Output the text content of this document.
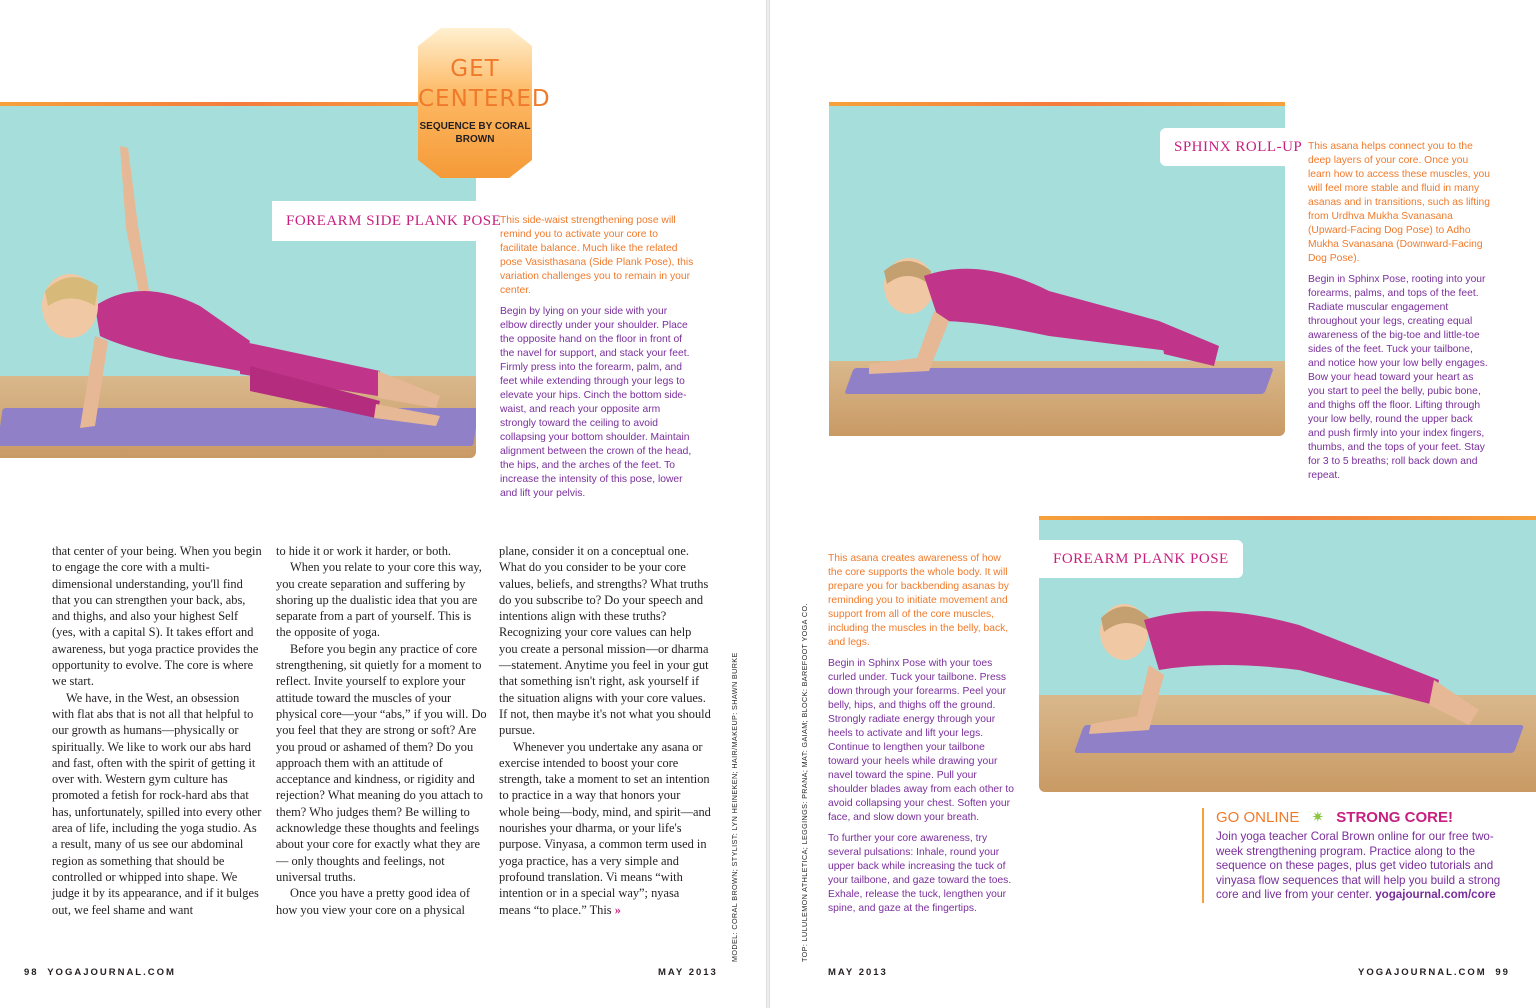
GET
CENTERED
SEQUENCE BY CORAL BROWN
FOREARM SIDE PLANK POSE

This side-waist strengthening pose will remind you to activate your core to facilitate balance. Much like the related pose Vasisthasana (Side Plank Pose), this variation challenges you to remain in your center.

Begin by lying on your side with your elbow directly under your shoulder. Place the opposite hand on the floor in front of the navel for support, and stack your feet. Firmly press into the forearm, palm, and feet while extending through your legs to elevate your hips. Cinch the bottom side-waist, and reach your opposite arm strongly toward the ceiling to avoid collapsing your bottom shoulder. Maintain alignment between the crown of the head, the hips, and the arches of the feet. To increase the intensity of this pose, lower and lift your pelvis.

that center of your being. When you begin to engage the core with a multi-dimensional understanding, you'll find that you can strengthen your back, abs, and thighs, and also your highest Self (yes, with a capital S). It takes effort and awareness, but yoga practice provides the opportunity to evolve. The core is where we start.

We have, in the West, an obsession with flat abs that is not all that helpful to our growth as humans—physically or spiritually. We like to work our abs hard and fast, often with the spirit of getting it over with. Western gym culture has promoted a fetish for rock-hard abs that has, unfortunately, spilled into every other area of life, including the yoga studio. As a result, many of us see our abdominal region as something that should be controlled or whipped into shape. We judge it by its appearance, and if it bulges out, we feel shame and want

to hide it or work it harder, or both.

When you relate to your core this way, you create separation and suffering by shoring up the dualistic idea that you are separate from a part of yourself. This is the opposite of yoga.

Before you begin any practice of core strengthening, sit quietly for a moment to reflect. Invite yourself to explore your attitude toward the muscles of your physical core—your “abs,” if you will. Do you feel that they are strong or soft? Are you proud or ashamed of them? Do you approach them with an attitude of acceptance and kindness, or rigidity and rejection? What meaning do you attach to them? Who judges them? Be willing to acknowledge these thoughts and feelings about your core for exactly what they are— only thoughts and feelings, not universal truths.

Once you have a pretty good idea of how you view your core on a physical

plane, consider it on a conceptual one. What do you consider to be your core values, beliefs, and strengths? What truths do you subscribe to? Do your speech and intentions align with these truths? Recognizing your core values can help you create a personal mission—or dharma—statement. Anytime you feel in your gut that something isn't right, ask yourself if the situation aligns with your core values. If not, then maybe it's not what you should pursue.

Whenever you undertake any asana or exercise intended to boost your core strength, take a moment to set an intention to practice in a way that honors your whole being—body, mind, and spirit—and nourishes your dharma, or your life's purpose. Vinyasa, a common term used in yoga practice, has a very simple and profound translation. Vi means “with intention or in a special way”; nyasa means “to place.” This »	MODEL: CORAL BROWN; STYLIST: LYN HEINEKEN; HAIR/MAKEUP: SHAWN BURKE
98 YOGAJOURNAL.COM	MAY 2013
SPHINX ROLL-UP This asana helps connect you to the deep layers of your core. Once you learn how to access these muscles, you will feel more stable and fluid in many asanas and in transitions, such as lifting from Urdhva Mukha Svanasana (Upward-Facing Dog Pose) to Adho Mukha Svanasana (Downward-Facing Dog Pose).

Begin in Sphinx Pose, rooting into your forearms, palms, and tops of the feet. Radiate muscular engagement throughout your legs, creating equal awareness of the big-toe and little-toe sides of the feet. Tuck your tailbone, and notice how your low belly engages. Bow your head toward your heart as you start to peel the belly, pubic bone, and thighs off the floor. Lifting through your low belly, round the upper back and push firmly into your index fingers, thumbs, and the tops of your feet. Stay for 3 to 5 breaths; roll back down and repeat.

FOREARM PLANK POSE

This asana creates awareness of how the core supports the whole body. It will prepare you for backbending asanas by reminding you to initiate movement and support from all of the core muscles, including the muscles in the belly, back, and legs.

Begin in Sphinx Pose with your toes curled under. Tuck your tailbone. Press down through your forearms. Peel your belly, hips, and thighs off the ground. Strongly radiate energy through your heels to activate and lift your legs. Continue to lengthen your tailbone toward your heels while drawing your navel toward the spine. Pull your shoulder blades away from each other to avoid collapsing your chest. Soften your face, and slow down your breath.

To further your core awareness, try several pulsations: Inhale, round your upper back while increasing the tuck of your tailbone, and gaze toward the toes. Exhale, release the tuck, lengthen your spine, and gaze at the fingertips.

TOP: LULULEMON ATHLETICA; LEGGINGS: PRANA; MAT: GAIAM; BLOCK: BAREFOOT YOGA CO.	GO ONLINE ✷ STRONG CORE!
Join yoga teacher Coral Brown online for our free two-week strengthening program. Practice along to the sequence on these pages, plus get video tutorials and vinyasa flow sequences that will help you build a strong core and live from your center. yogajournal.com/core
MAY 2013	YOGAJOURNAL.COM 99
